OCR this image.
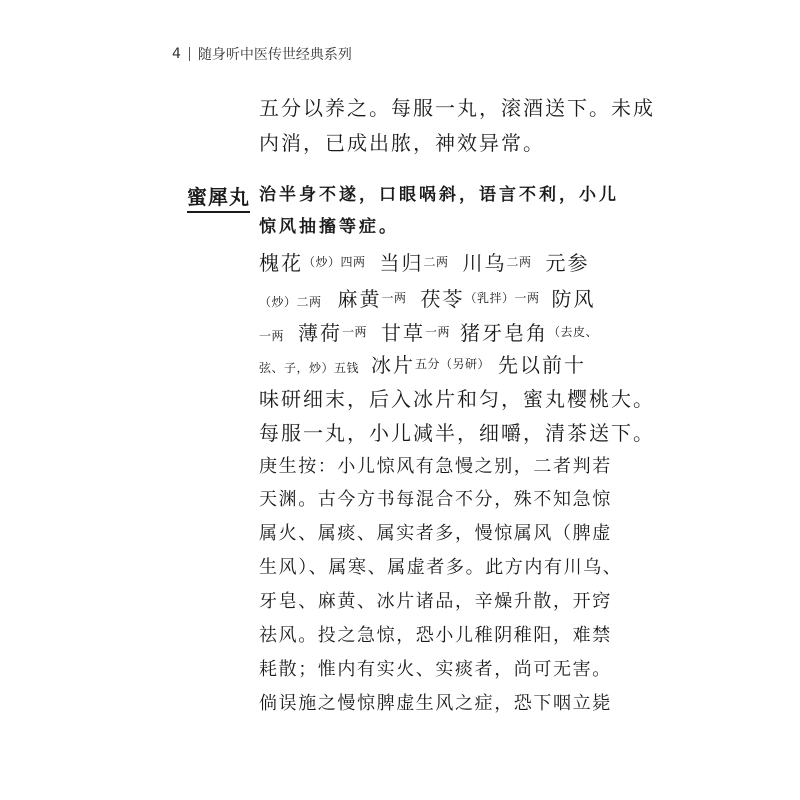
4 随身听中医传世经典系列
五分以养之。每服一丸，滚酒送下。未成
内消，已成出脓，神效异常。
蜜犀丸 治半身不遂，口眼㖞斜，语言不利，小儿
惊风抽搐等症。
槐花$^{(炒)四两}$ 当归$^{二两}$ 川乌$^{二两}$ 元参
（炒）二两 麻黄$^{一两}$ 茯苓$^{(乳拌)一两}$ 防风
一两 薄荷$^{一两}$ 甘草$^{一两}$ 猪牙皂角$^{(去皮、}$
弦、子，炒）五钱 冰片$^{五分(另研)}$ 先以前十
味研细末，后入冰片和匀，蜜丸樱桃大。
每服一丸，小儿减半，细嚼，清茶送下。
庚生按：小儿惊风有急慢之别，二者判若
天渊。古今方书每混合不分，殊不知急惊
属火、属痰、属实者多，慢惊属风（脾虚
生风）、属寒、属虚者多。此方内有川乌、
牙皂、麻黄、冰片诸品，辛燥升散，开窍
祛风。投之急惊，恐小儿稚阴稚阳，难禁
耗散；惟内有实火、实痰者，尚可无害。
倘误施之慢惊脾虚生风之症，恐下咽立毙
